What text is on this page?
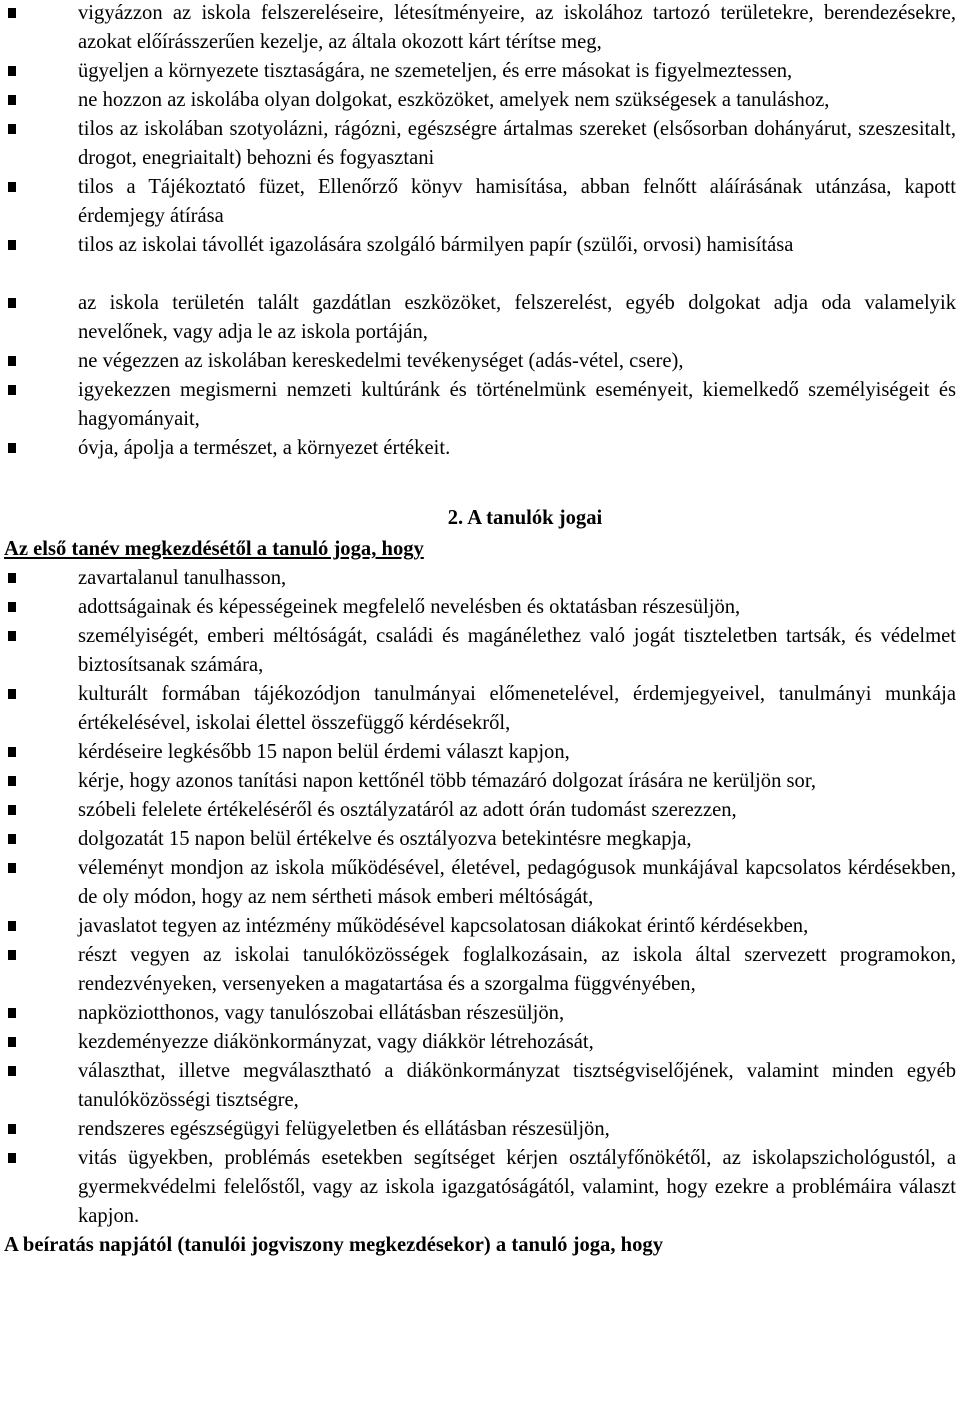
vigyázzon az iskola felszereléseire, létesítményeire, az iskolához tartozó területekre, berendezésekre, azokat előírásszerűen kezelje, az általa okozott kárt térítse meg,
ügyeljen a környezete tisztaságára, ne szemeteljen, és erre másokat is figyelmeztessen,
ne hozzon az iskolába olyan dolgokat, eszközöket, amelyek nem szükségesek a tanuláshoz,
tilos az iskolában szotyolázni, rágózni, egészségre ártalmas szereket (elsősorban dohányárut, szeszesitalt, drogot, enegriaitalt) behozni és fogyasztani
tilos a Tájékoztató füzet, Ellenőrző könyv hamisítása, abban felnőtt aláírásának utánzása, kapott érdemjegy átírása
tilos az iskolai távollét igazolására szolgáló bármilyen papír (szülői, orvosi) hamisítása
az iskola területén talált gazdátlan eszközöket, felszerelést, egyéb dolgokat adja oda valamelyik nevelőnek, vagy adja le az iskola portáján,
ne végezzen az iskolában kereskedelmi tevékenységet (adás-vétel, csere),
igyekezzen megismerni nemzeti kultúránk és történelmünk eseményeit, kiemelkedő személyiségeit és hagyományait,
óvja, ápolja a természet, a környezet értékeit.
2. A tanulók jogai
Az első tanév megkezdésétől a tanuló joga, hogy
zavartalanul tanulhasson,
adottságainak és képességeinek megfelelő nevelésben és oktatásban részesüljön,
személyiségét, emberi méltóságát, családi és magánélethez való jogát tiszteletben tartsák, és védelmet biztosítsanak számára,
kulturált formában tájékozódjon tanulmányai előmenetelével, érdemjegyeivel, tanulmányi munkája értékelésével, iskolai élettel összefüggő kérdésekről,
kérdéseire legkésőbb 15 napon belül érdemi választ kapjon,
kérje, hogy azonos tanítási napon kettőnél több témazáró dolgozat írására ne kerüljön sor,
szóbeli felelete értékeléséről és osztályzatáról az adott órán tudomást szerezzen,
dolgozatát 15 napon belül értékelve és osztályozva betekintésre megkapja,
véleményt mondjon az iskola működésével, életével, pedagógusok munkájával kapcsolatos kérdésekben, de oly módon, hogy az nem sértheti mások emberi méltóságát,
javaslatot tegyen az intézmény működésével kapcsolatosan diákokat érintő kérdésekben,
részt vegyen az iskolai tanulóközösségek foglalkozásain, az iskola által szervezett programokon, rendezvényeken, versenyeken a magatartása és a szorgalma függvényében,
napköziotthonos, vagy tanulószobai ellátásban részesüljön,
kezdeményezze diákönkormányzat, vagy diákkör létrehozását,
választhat, illetve megválasztható a diákönkormányzat tisztségviselőjének, valamint minden egyéb tanulóközösségi tisztségre,
rendszeres egészségügyi felügyeletben és ellátásban részesüljön,
vitás ügyekben, problémás esetekben segítséget kérjen osztályfőnökétől, az iskolapszichológustól, a gyermekvédelmi felelőstől, vagy az iskola igazgatóságától, valamint, hogy ezekre a problémáira választ kapjon.
A beíratás napjától (tanulói jogviszony megkezdésekor) a tanuló joga, hogy
